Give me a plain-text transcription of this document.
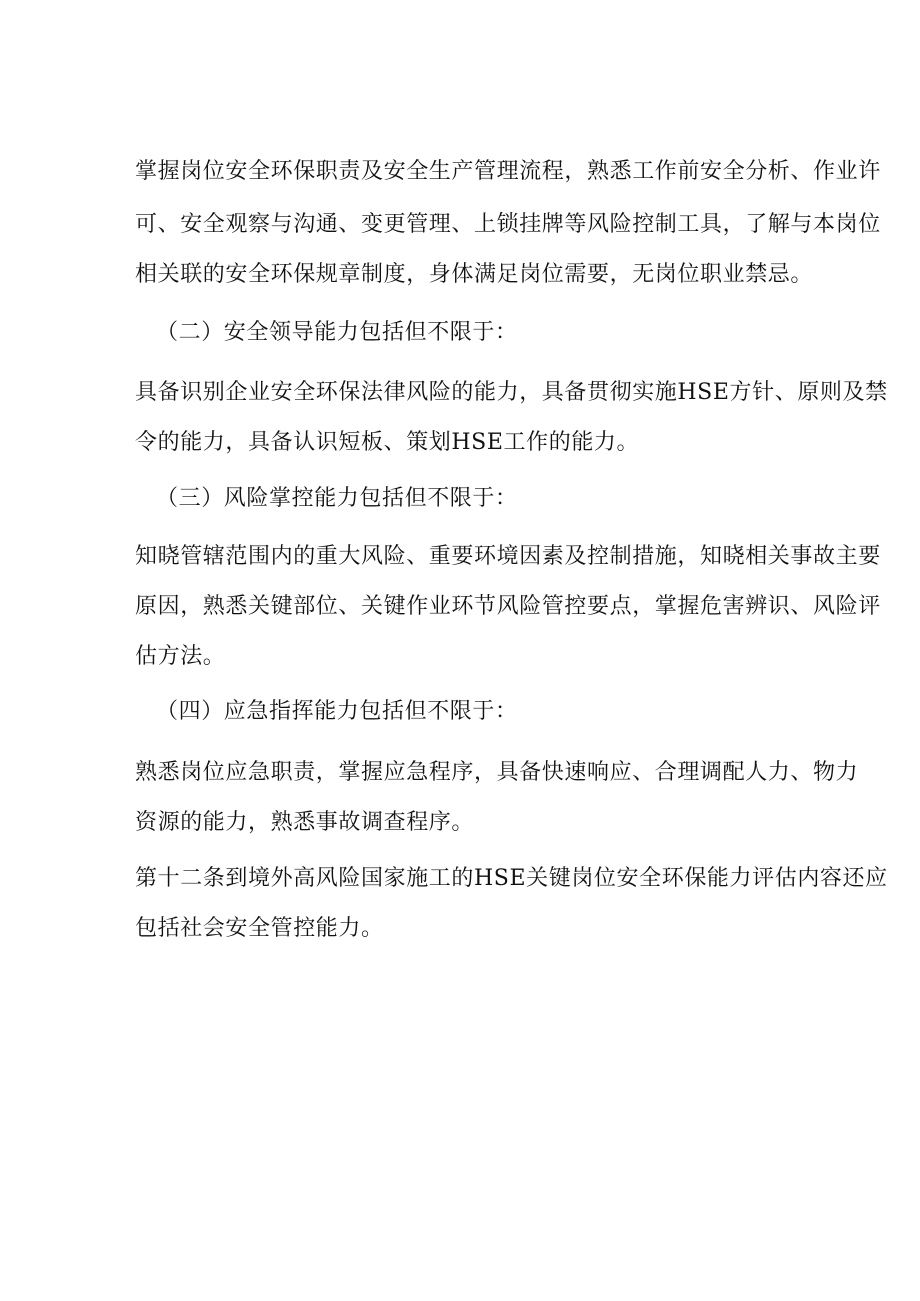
掌握岗位安全环保职责及安全生产管理流程，熟悉工作前安全分析、作业许

可、安全观察与沟通、变更管理、上锁挂牌等风险控制工具，了解与本岗位

相关联的安全环保规章制度，身体满足岗位需要，无岗位职业禁忌。

（二）安全领导能力包括但不限于：

具备识别企业安全环保法律风险的能力，具备贯彻实施HSE方针、原则及禁

令的能力，具备认识短板、策划HSE工作的能力。

（三）风险掌控能力包括但不限于：

知晓管辖范围内的重大风险、重要环境因素及控制措施，知晓相关事故主要

原因，熟悉关键部位、关键作业环节风险管控要点，掌握危害辨识、风险评

估方法。

（四）应急指挥能力包括但不限于：

熟悉岗位应急职责，掌握应急程序，具备快速响应、合理调配人力、物力

资源的能力，熟悉事故调查程序。

第十二条到境外高风险国家施工的HSE关键岗位安全环保能力评估内容还应

包括社会安全管控能力。
